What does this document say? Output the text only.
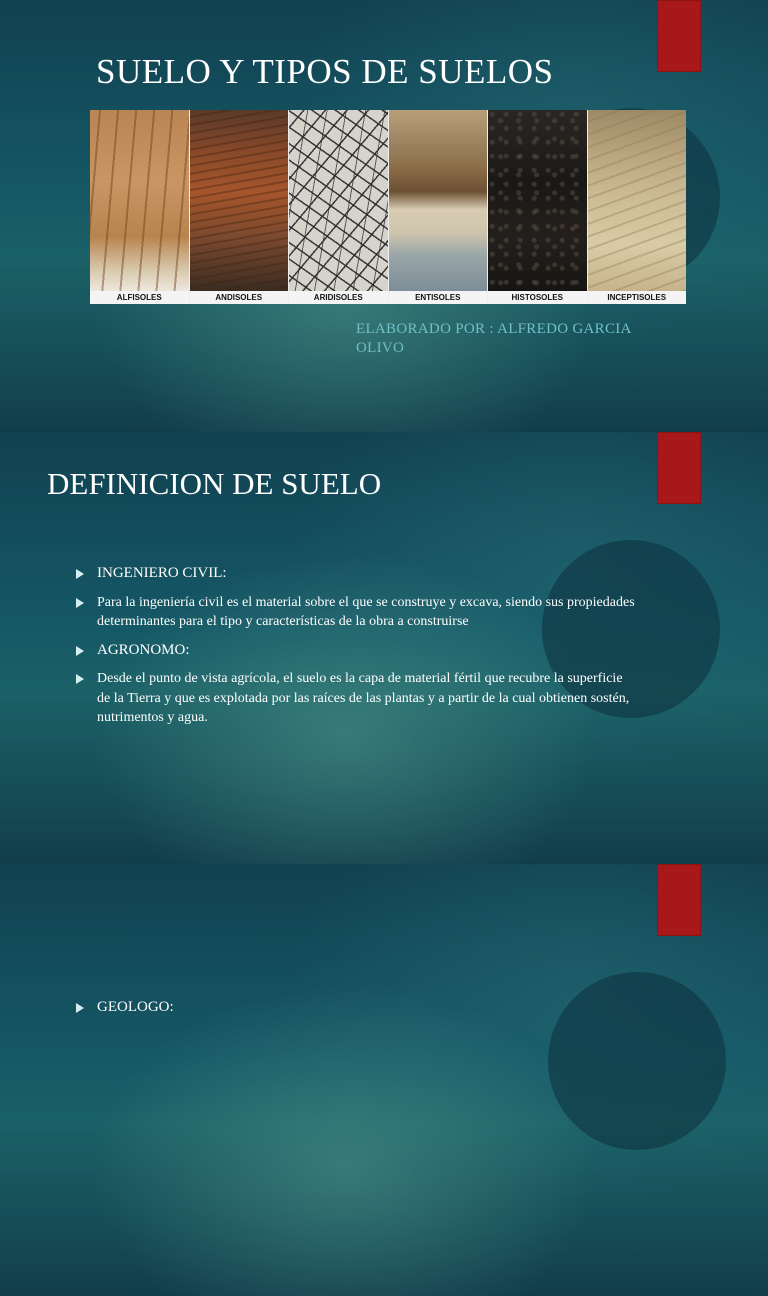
SUELO Y TIPOS DE SUELOS
ALFISOLES	ANDISOLES	ARIDISOLES	ENTISOLES	HISTOSOLES	INCEPTISOLES

ELABORADO POR : ALFREDO GARCIA OLIVO

DEFINICION DE SUELO
INGENIERO CIVIL:
Para la ingeniería civil es el material sobre el que se construye y excava, siendo sus propiedades determinantes para el tipo y características de la obra a construirse
AGRONOMO:
Desde el punto de vista agrícola, el suelo es la capa de material fértil que recubre la superficie de la Tierra y que es explotada por las raíces de las plantas y a partir de la cual obtienen sostén, nutrimentos y agua.
GEOLOGO:
